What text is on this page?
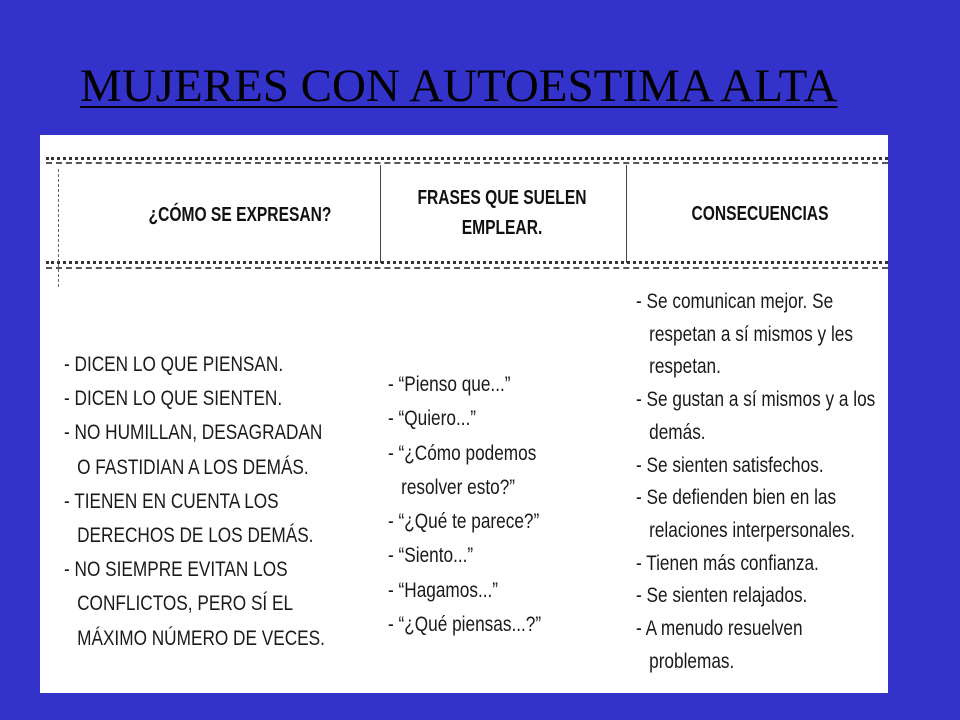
MUJERES CON AUTOESTIMA ALTA
¿CÓMO SE EXPRESAN?
FRASES QUE SUELEN
EMPLEAR.
CONSECUENCIAS
- DICEN LO QUE PIENSAN.
- DICEN LO QUE SIENTEN.
- NO HUMILLAN, DESAGRADAN
O FASTIDIAN A LOS DEMÁS.
- TIENEN EN CUENTA LOS
DERECHOS DE LOS DEMÁS.
- NO SIEMPRE EVITAN LOS
CONFLICTOS, PERO SÍ EL
MÁXIMO NÚMERO DE VECES.
- “Pienso que...”
- “Quiero...”
- “¿Cómo podemos
resolver esto?”
- “¿Qué te parece?”
- “Siento...”
- “Hagamos...”
- “¿Qué piensas...?”
- Se comunican mejor. Se
respetan a sí mismos y les
respetan.
- Se gustan a sí mismos y a los
demás.
- Se sienten satisfechos.
- Se defienden bien en las
relaciones interpersonales.
- Tienen más confianza.
- Se sienten relajados.
- A menudo resuelven
problemas.
